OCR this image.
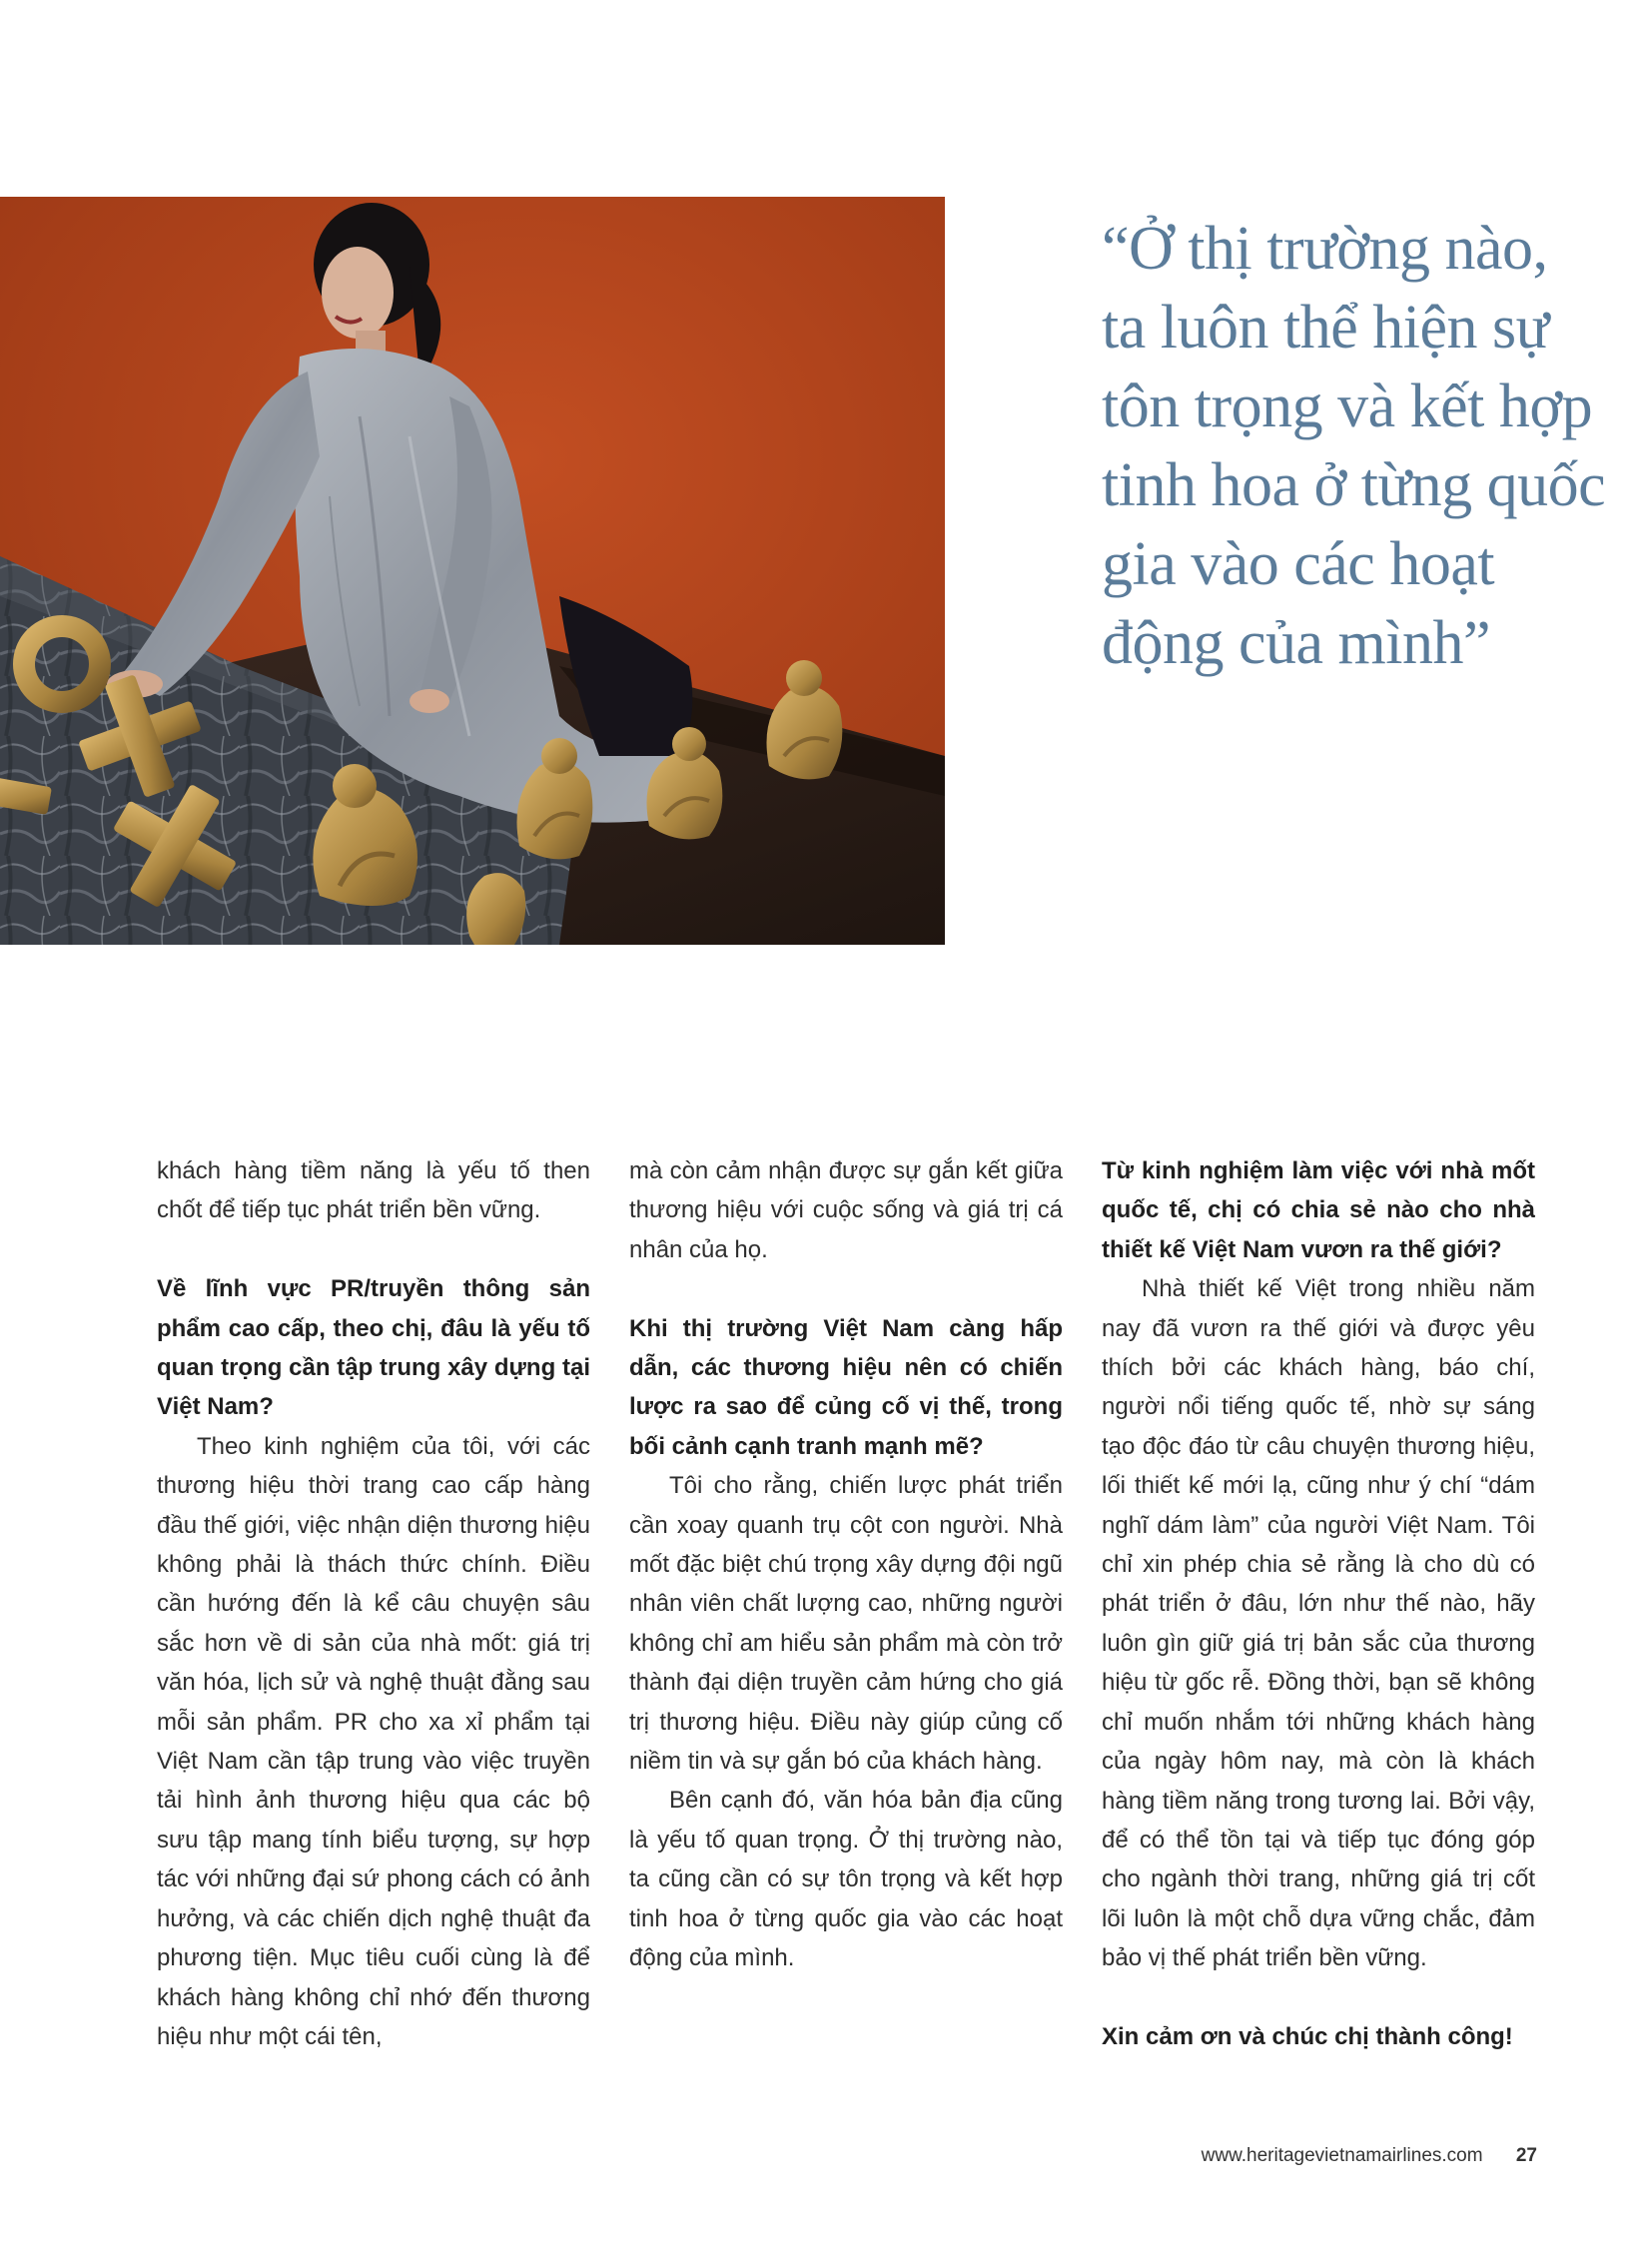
“Ở thị trường nào,
ta luôn thể hiện sự
tôn trọng và kết hợp
tinh hoa ở từng quốc
gia vào các hoạt
động của mình”

khách hàng tiềm năng là yếu tố then chốt để tiếp tục phát triển bền vững.

Về lĩnh vực PR/truyền thông sản phẩm cao cấp, theo chị, đâu là yếu tố quan trọng cần tập trung xây dựng tại Việt Nam?

Theo kinh nghiệm của tôi, với các thương hiệu thời trang cao cấp hàng đầu thế giới, việc nhận diện thương hiệu không phải là thách thức chính. Điều cần hướng đến là kể câu chuyện sâu sắc hơn về di sản của nhà mốt: giá trị văn hóa, lịch sử và nghệ thuật đằng sau mỗi sản phẩm. PR cho xa xỉ phẩm tại Việt Nam cần tập trung vào việc truyền tải hình ảnh thương hiệu qua các bộ sưu tập mang tính biểu tượng, sự hợp tác với những đại sứ phong cách có ảnh hưởng, và các chiến dịch nghệ thuật đa phương tiện. Mục tiêu cuối cùng là để khách hàng không chỉ nhớ đến thương hiệu như một cái tên,

mà còn cảm nhận được sự gắn kết giữa thương hiệu với cuộc sống và giá trị cá nhân của họ.

Khi thị trường Việt Nam càng hấp dẫn, các thương hiệu nên có chiến lược ra sao để củng cố vị thế, trong bối cảnh cạnh tranh mạnh mẽ?

Tôi cho rằng, chiến lược phát triển cần xoay quanh trụ cột con người. Nhà mốt đặc biệt chú trọng xây dựng đội ngũ nhân viên chất lượng cao, những người không chỉ am hiểu sản phẩm mà còn trở thành đại diện truyền cảm hứng cho giá trị thương hiệu. Điều này giúp củng cố niềm tin và sự gắn bó của khách hàng.

Bên cạnh đó, văn hóa bản địa cũng là yếu tố quan trọng. Ở thị trường nào, ta cũng cần có sự tôn trọng và kết hợp tinh hoa ở từng quốc gia vào các hoạt động của mình.

Từ kinh nghiệm làm việc với nhà mốt quốc tế, chị có chia sẻ nào cho nhà thiết kế Việt Nam vươn ra thế giới?

Nhà thiết kế Việt trong nhiều năm nay đã vươn ra thế giới và được yêu thích bởi các khách hàng, báo chí, người nổi tiếng quốc tế, nhờ sự sáng tạo độc đáo từ câu chuyện thương hiệu, lối thiết kế mới lạ, cũng như ý chí “dám nghĩ dám làm” của người Việt Nam. Tôi chỉ xin phép chia sẻ rằng là cho dù có phát triển ở đâu, lớn như thế nào, hãy luôn gìn giữ giá trị bản sắc của thương hiệu từ gốc rễ. Đồng thời, bạn sẽ không chỉ muốn nhắm tới những khách hàng của ngày hôm nay, mà còn là khách hàng tiềm năng trong tương lai. Bởi vậy, để có thể tồn tại và tiếp tục đóng góp cho ngành thời trang, những giá trị cốt lõi luôn là một chỗ dựa vững chắc, đảm bảo vị thế phát triển bền vững.

Xin cảm ơn và chúc chị thành công!

www.heritagevietnamairlines.com 27
